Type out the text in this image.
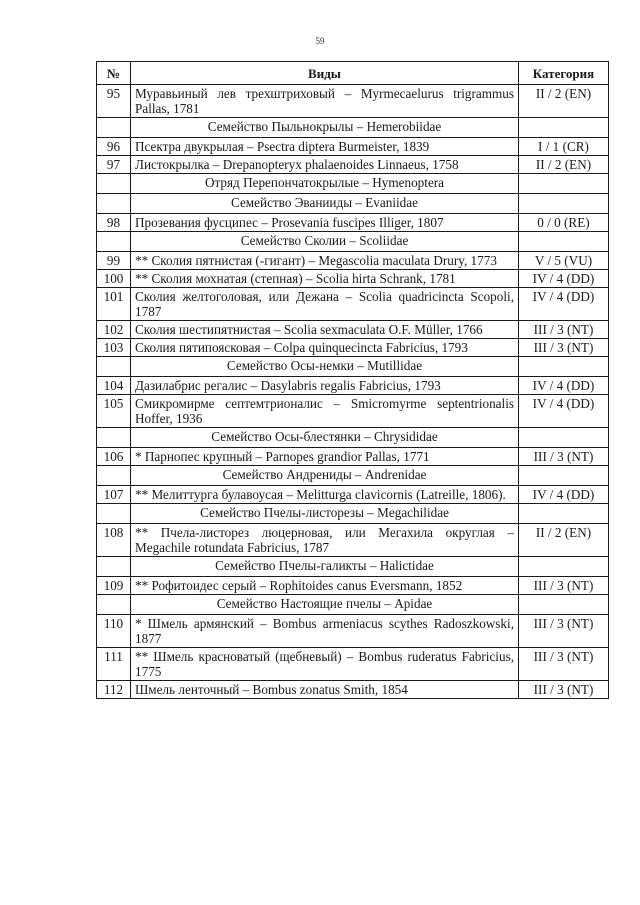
59
№	Виды	Категория
95	Муравьиный лев трехштриховый – Myrmecaelurus trigrammus Pallas, 1781	II / 2 (EN)
	Семейство Пыльнокрылы – Hemerobiidae	
96	Псектра двукрылая – Psectra diptera Burmeister, 1839	I / 1 (CR)
97	Листокрылка – Drepanopteryx phalaenoides Linnaeus, 1758	II / 2 (EN)
	Отряд Перепончатокрылые – Hymenoptera	
	Семейство Эванииды – Evaniidae	
98	Прозевания фусципес – Prosevania fuscipes Illiger, 1807	0 / 0 (RE)
	Семейство Сколии – Scoliidae	
99	** Сколия пятнистая (-гигант) – Megascolia maculata Drury, 1773	V / 5 (VU)
100	** Сколия мохнатая (степная) – Scolia hirta Schrank, 1781	IV / 4 (DD)
101	Сколия желтоголовая, или Дежана – Scolia quadricincta Scopoli, 1787	IV / 4 (DD)
102	Сколия шестипятнистая – Scolia sexmaculata O.F. Müller, 1766	III / 3 (NT)
103	Сколия пятипоясковая – Colpa quinquecincta Fabricius, 1793	III / 3 (NT)
	Семейство Осы-немки – Mutillidae	
104	Дазилабрис регалис – Dasylabris regalis Fabricius, 1793	IV / 4 (DD)
105	Смикромирме септемтрионалис – Smicromyrme septentrionalis Hoffer, 1936	IV / 4 (DD)
	Семейство Осы-блестянки – Chrysididae	
106	* Парнопес крупный – Parnopes grandior Pallas, 1771	III / 3 (NT)
	Семейство Андрениды – Andrenidae	
107	** Мелиттурга булавоусая – Melitturga clavicornis (Latreille, 1806).	IV / 4 (DD)
	Семейство Пчелы-листорезы – Megachilidae	
108	** Пчела-листорез люцерновая, или Мегахила округлая – Megachile rotundata Fabricius, 1787	II / 2 (EN)
	Семейство Пчелы-галикты – Halictidae	
109	** Рофитоидес серый – Rophitoides canus Eversmann, 1852	III / 3 (NT)
	Семейство Настоящие пчелы – Apidae	
110	* Шмель армянский – Bombus armeniacus scythes Radoszkowski, 1877	III / 3 (NT)
111	** Шмель красноватый (щебневый) – Bombus ruderatus Fabricius, 1775	III / 3 (NT)
112	Шмель ленточный – Bombus zonatus Smith, 1854	III / 3 (NT)
